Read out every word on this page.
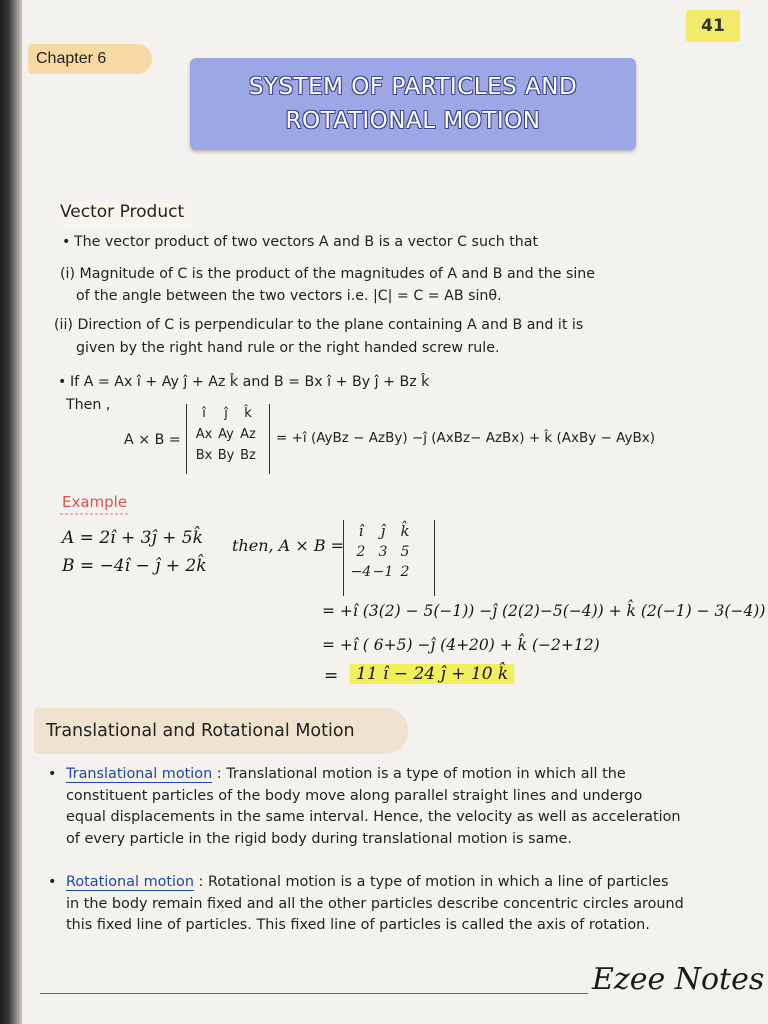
41
Chapter 6
SYSTEM OF PARTICLES AND
ROTATIONAL MOTION
Vector Product
• The vector product of two vectors A and B is a vector C such that
(i) Magnitude of C is the product of the magnitudes of A and B and the sine
of the angle between the two vectors i.e. |C| = C = AB sinθ.
(ii) Direction of C is perpendicular to the plane containing A and B and it is
given by the right hand rule or the right handed screw rule.
• If A = Ax î + Ay ĵ + Az k̂ and B = Bx î + By ĵ + Bz k̂
Then ,
A × B =
î	ĵ	k̂
Ax Ay Az
Bx By Bz
= +î (AyBz − AzBy) −ĵ (AxBz− AzBx) + k̂ (AxBy − AyBx)
Example
A = 2î + 3ĵ + 5k̂
B = −4î − ĵ + 2k̂
then, A × B =
î	ĵ	k̂
2 3 5
−4 −1 2
= +î (3(2) − 5(−1)) −ĵ (2(2)−5(−4)) + k̂ (2(−1) − 3(−4))
= +î ( 6+5) −ĵ (4+20) + k̂ (−2+12)
=	11 î − 24 ĵ + 10 k̂
Translational and Rotational Motion
• Translational motion : Translational motion is a type of motion in which all the constituent particles of the body move along parallel straight lines and undergo equal displacements in the same interval. Hence, the velocity as well as acceleration of every particle in the rigid body during translational motion is same.
• Rotational motion : Rotational motion is a type of motion in which a line of particles in the body remain fixed and all the other particles describe concentric circles around this fixed line of particles. This fixed line of particles is called the axis of rotation.
Ezee Notes
